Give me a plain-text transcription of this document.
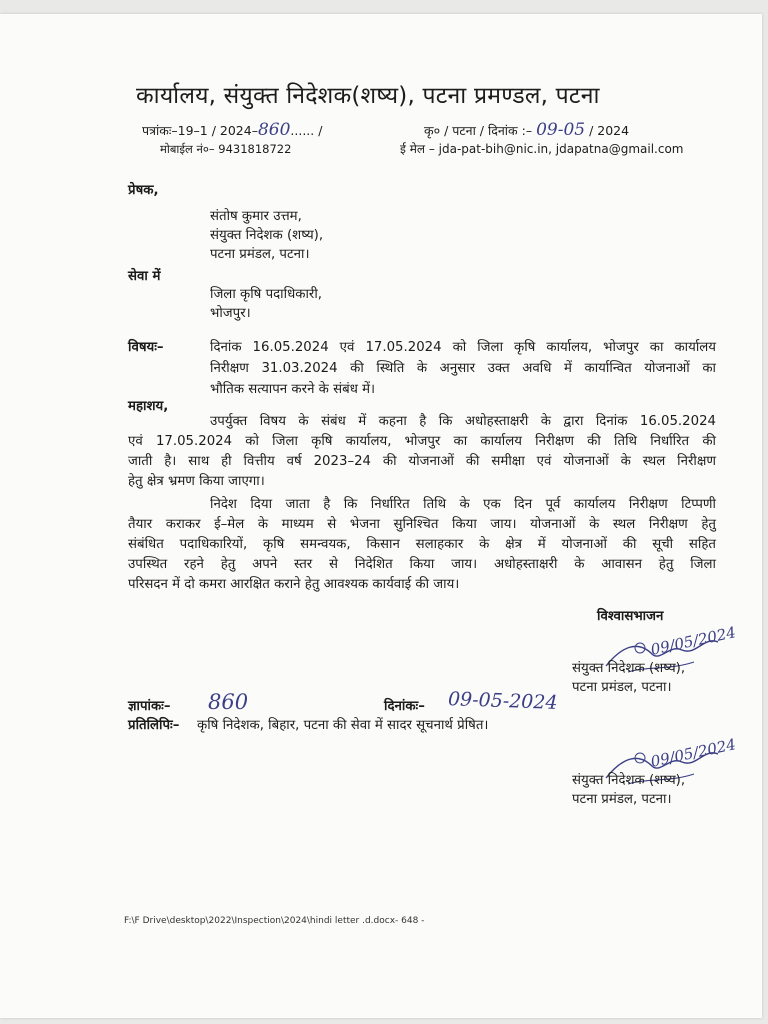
कार्यालय, संयुक्त निदेशक(शष्य), पटना प्रमण्डल, पटना
पत्रांकः–19–1 / 2024–860...... /	कृ० / पटना / दिनांक :– 09-05 / 2024
मोबाईल नं०– 9431818722	ई मेल – jda-pat-bih@nic.in, jdapatna@gmail.com
प्रेषक,
संतोष कुमार उत्तम,
संयुक्त निदेशक (शष्य),
पटना प्रमंडल, पटना।
सेवा में
जिला कृषि पदाधिकारी,
भोजपुर।
विषयः–	दिनांक 16.05.2024 एवं 17.05.2024 को जिला कृषि कार्यालय, भोजपुर का कार्यालय
निरीक्षण 31.03.2024 की स्थिति के अनुसार उक्त अवधि में कार्यान्वित योजनाओं का
भौतिक सत्यापन करने के संबंध में।
महाशय,
उपर्युक्त विषय के संबंध में कहना है कि अधोहस्ताक्षरी के द्वारा दिनांक 16.05.2024
एवं 17.05.2024 को जिला कृषि कार्यालय, भोजपुर का कार्यालय निरीक्षण की तिथि निर्धारित की
जाती है। साथ ही वित्तीय वर्ष 2023–24 की योजनाओं की समीक्षा एवं योजनाओं के स्थल निरीक्षण
हेतु क्षेत्र भ्रमण किया जाएगा।
निदेश दिया जाता है कि निर्धारित तिथि के एक दिन पूर्व कार्यालय निरीक्षण टिप्पणी
तैयार कराकर ई–मेल के माध्यम से भेजना सुनिश्चित किया जाय। योजनाओं के स्थल निरीक्षण हेतु
संबंधित पदाधिकारियों, कृषि समन्वयक, किसान सलाहकार के क्षेत्र में योजनाओं की सूची सहित
उपस्थित रहने हेतु अपने स्तर से निदेशित किया जाय। अधोहस्ताक्षरी के आवासन हेतु जिला
परिसदन में दो कमरा आरक्षित कराने हेतु आवश्यक कार्यवाई की जाय।
विश्वासभाजन
09/05/2024
संयुक्त निदेशक (शष्य),
पटना प्रमंडल, पटना।
ज्ञापांकः– 860	दिनांकः– 09-05-2024
प्रतिलिपिः– कृषि निदेशक, बिहार, पटना की सेवा में सादर सूचनार्थ प्रेषित।
09/05/2024
संयुक्त निदेशक (शष्य),
पटना प्रमंडल, पटना।
F:\F Drive\desktop\2022\Inspection\2024\hindi letter .d.docx- 648 -
